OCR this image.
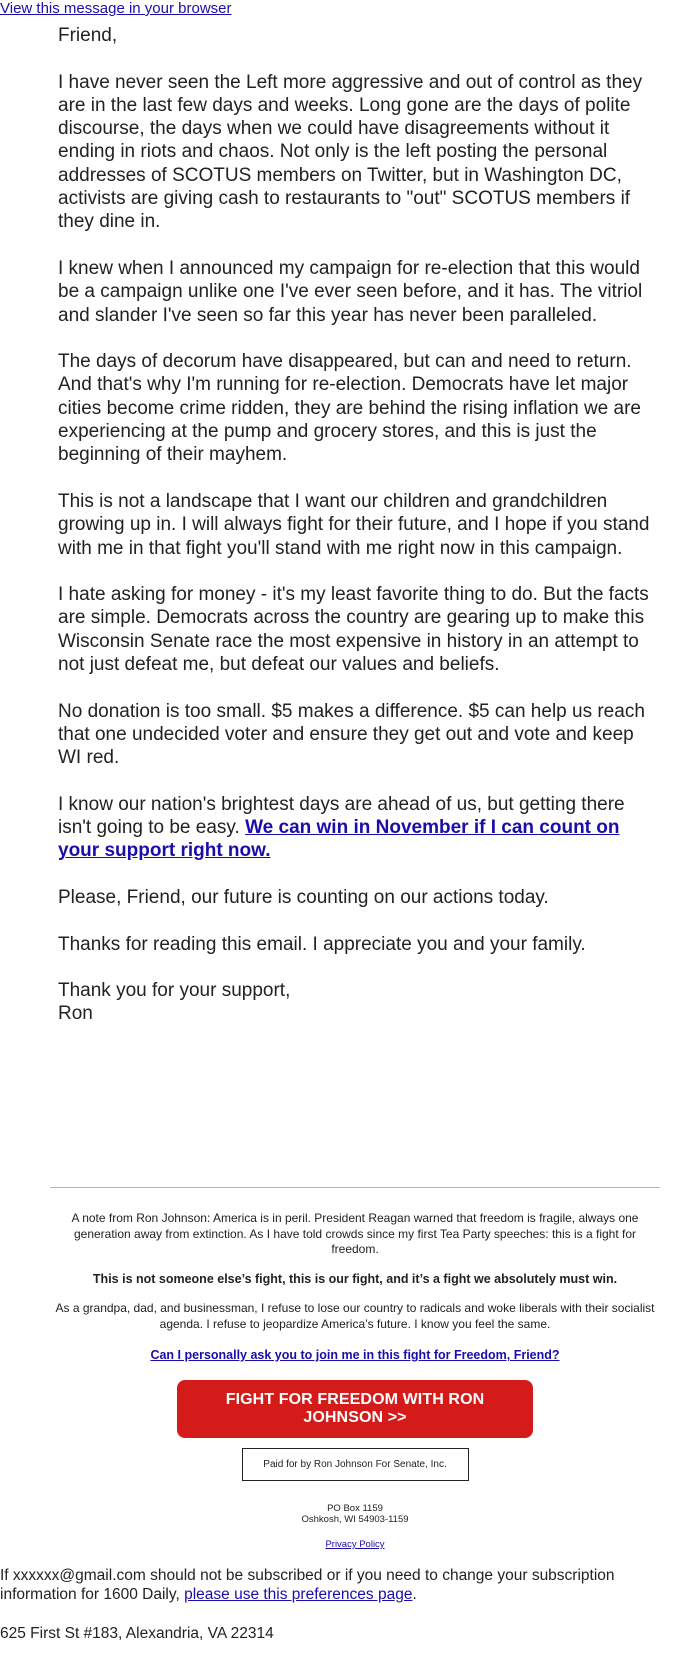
View this message in your browser

Friend,

I have never seen the Left more aggressive and out of control as they are in the last few days and weeks. Long gone are the days of polite discourse, the days when we could have disagreements without it ending in riots and chaos. Not only is the left posting the personal addresses of SCOTUS members on Twitter, but in Washington DC, activists are giving cash to restaurants to "out" SCOTUS members if they dine in.

I knew when I announced my campaign for re-election that this would be a campaign unlike one I've ever seen before, and it has. The vitriol and slander I've seen so far this year has never been paralleled.

The days of decorum have disappeared, but can and need to return. And that's why I'm running for re-election. Democrats have let major cities become crime ridden, they are behind the rising inflation we are experiencing at the pump and grocery stores, and this is just the beginning of their mayhem.

This is not a landscape that I want our children and grandchildren growing up in. I will always fight for their future, and I hope if you stand with me in that fight you'll stand with me right now in this campaign.

I hate asking for money - it's my least favorite thing to do. But the facts are simple. Democrats across the country are gearing up to make this Wisconsin Senate race the most expensive in history in an attempt to not just defeat me, but defeat our values and beliefs.

No donation is too small. $5 makes a difference. $5 can help us reach that one undecided voter and ensure they get out and vote and keep WI red.

I know our nation's brightest days are ahead of us, but getting there isn't going to be easy. We can win in November if I can count on your support right now.

Please, Friend, our future is counting on our actions today.

Thanks for reading this email. I appreciate you and your family.

Thank you for your support,
Ron

A note from Ron Johnson: America is in peril. President Reagan warned that freedom is fragile, always one generation away from extinction. As I have told crowds since my first Tea Party speeches: this is a fight for freedom.

This is not someone else’s fight, this is our fight, and it’s a fight we absolutely must win.

As a grandpa, dad, and businessman, I refuse to lose our country to radicals and woke liberals with their socialist agenda. I refuse to jeopardize America’s future. I know you feel the same.

Can I personally ask you to join me in this fight for Freedom, Friend?
FIGHT FOR FREEDOM WITH RON JOHNSON >>
Paid for by Ron Johnson For Senate, Inc.
PO Box 1159
Oshkosh, WI 54903-1159
Privacy Policy
If xxxxxx@gmail.com should not be subscribed or if you need to change your subscription information for 1600 Daily, please use this preferences page.
625 First St #183, Alexandria, VA 22314
